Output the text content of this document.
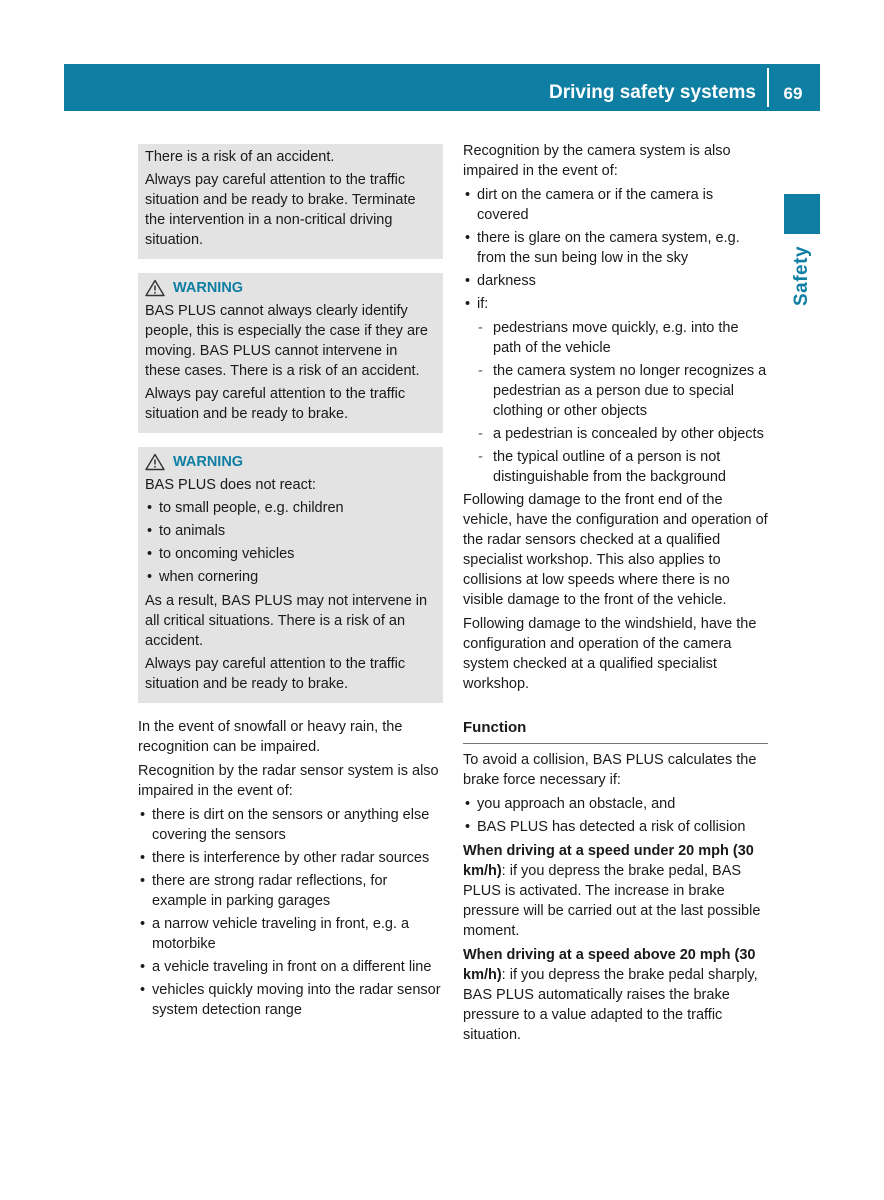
Driving safety systems	69
Safety

There is a risk of an accident.

Always pay careful attention to the traffic situation and be ready to brake. Terminate the intervention in a non-critical driving situation.

WARNING

BAS PLUS cannot always clearly identify people, this is especially the case if they are moving. BAS PLUS cannot intervene in these cases. There is a risk of an accident.

Always pay careful attention to the traffic situation and be ready to brake.

WARNING

BAS PLUS does not react:

• to small people, e.g. children
• to animals
• to oncoming vehicles
• when cornering

As a result, BAS PLUS may not intervene in all critical situations. There is a risk of an accident.

Always pay careful attention to the traffic situation and be ready to brake.

In the event of snowfall or heavy rain, the recognition can be impaired.

Recognition by the radar sensor system is also impaired in the event of:

• there is dirt on the sensors or anything else covering the sensors
• there is interference by other radar sources
• there are strong radar reflections, for example in parking garages
• a narrow vehicle traveling in front, e.g. a motorbike
• a vehicle traveling in front on a different line
• vehicles quickly moving into the radar sensor system detection range

Recognition by the camera system is also impaired in the event of:

• dirt on the camera or if the camera is covered
• there is glare on the camera system, e.g. from the sun being low in the sky
• darkness
• if:
- pedestrians move quickly, e.g. into the path of the vehicle
- the camera system no longer recognizes a pedestrian as a person due to special clothing or other objects
- a pedestrian is concealed by other objects
- the typical outline of a person is not distinguishable from the background

Following damage to the front end of the vehicle, have the configuration and operation of the radar sensors checked at a qualified specialist workshop. This also applies to collisions at low speeds where there is no visible damage to the front of the vehicle.

Following damage to the windshield, have the configuration and operation of the camera system checked at a qualified specialist workshop.

Function

To avoid a collision, BAS PLUS calculates the brake force necessary if:

• you approach an obstacle, and
• BAS PLUS has detected a risk of collision

When driving at a speed under 20 mph (30 km/h): if you depress the brake pedal, BAS PLUS is activated. The increase in brake pressure will be carried out at the last possible moment.

When driving at a speed above 20 mph (30 km/h): if you depress the brake pedal sharply, BAS PLUS automatically raises the brake pressure to a value adapted to the traffic situation.
